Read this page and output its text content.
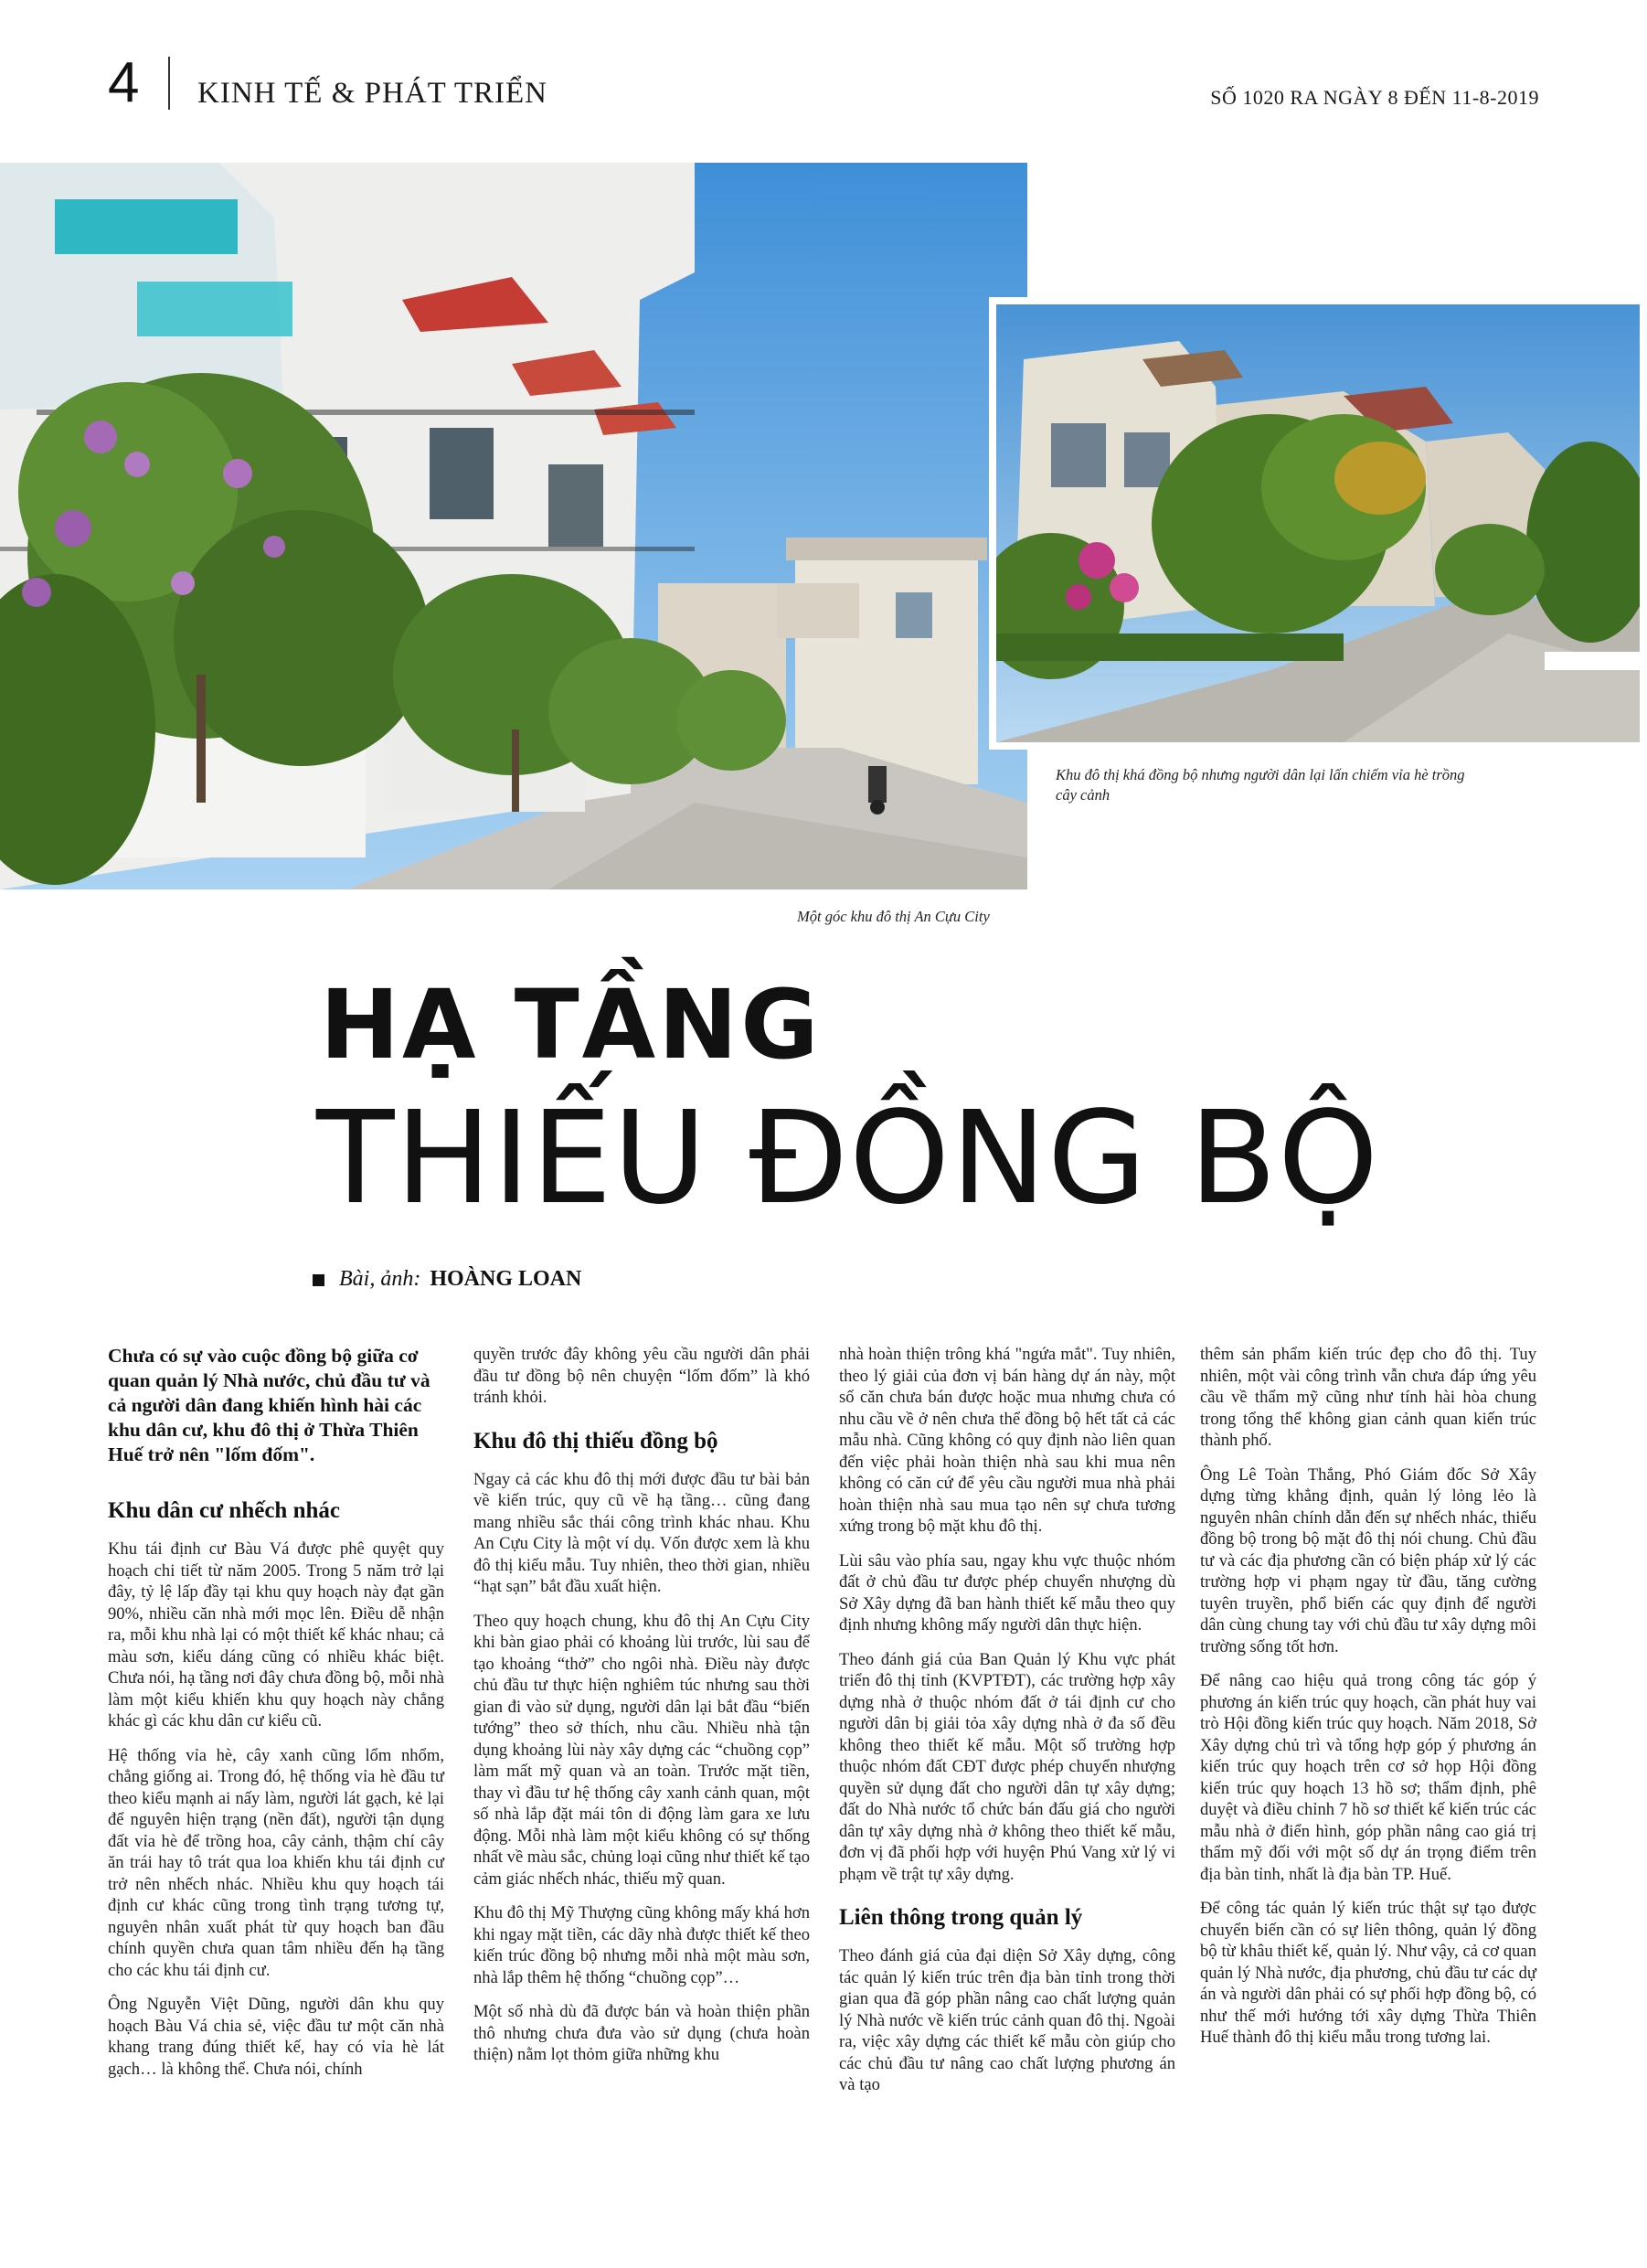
4 KINH TẾ & PHÁT TRIỂN	SỐ 1020 RA NGÀY 8 ĐẾN 11-8-2019
Khu đô thị khá đồng bộ nhưng người dân lại lấn chiếm vỉa hè trồng cây cảnh
Một góc khu đô thị An Cựu City
HẠ TẦNG
THIẾU ĐỒNG BỘ
Bài, ảnh: HOÀNG LOAN

Chưa có sự vào cuộc đồng bộ giữa cơ quan quản lý Nhà nước, chủ đầu tư và cả người dân đang khiến hình hài các khu dân cư, khu đô thị ở Thừa Thiên Huế trở nên "lốm đốm".

Khu dân cư nhếch nhác

Khu tái định cư Bàu Vá được phê quyệt quy hoạch chi tiết từ năm 2005. Trong 5 năm trở lại đây, tỷ lệ lấp đầy tại khu quy hoạch này đạt gần 90%, nhiều căn nhà mới mọc lên. Điều dễ nhận ra, mỗi khu nhà lại có một thiết kế khác nhau; cả màu sơn, kiểu dáng cũng có nhiều khác biệt. Chưa nói, hạ tầng nơi đây chưa đồng bộ, mỗi nhà làm một kiểu khiến khu quy hoạch này chẳng khác gì các khu dân cư kiểu cũ.

Hệ thống vỉa hè, cây xanh cũng lổm nhổm, chẳng giống ai. Trong đó, hệ thống vỉa hè đầu tư theo kiểu mạnh ai nấy làm, người lát gạch, kẻ lại để nguyên hiện trạng (nền đất), người tận dụng đất vỉa hè để trồng hoa, cây cảnh, thậm chí cây ăn trái hay tô trát qua loa khiến khu tái định cư trở nên nhếch nhác. Nhiều khu quy hoạch tái định cư khác cũng trong tình trạng tương tự, nguyên nhân xuất phát từ quy hoạch ban đầu chính quyền chưa quan tâm nhiều đến hạ tầng cho các khu tái định cư.

Ông Nguyễn Việt Dũng, người dân khu quy hoạch Bàu Vá chia sẻ, việc đầu tư một căn nhà khang trang đúng thiết kế, hay có vỉa hè lát gạch… là không thể. Chưa nói, chính

quyền trước đây không yêu cầu người dân phải đầu tư đồng bộ nên chuyện “lốm đốm” là khó tránh khỏi.

Khu đô thị thiếu đồng bộ

Ngay cả các khu đô thị mới được đầu tư bài bản về kiến trúc, quy cũ về hạ tầng… cũng đang mang nhiều sắc thái công trình khác nhau. Khu An Cựu City là một ví dụ. Vốn được xem là khu đô thị kiểu mẫu. Tuy nhiên, theo thời gian, nhiều “hạt sạn” bắt đầu xuất hiện.

Theo quy hoạch chung, khu đô thị An Cựu City khi bàn giao phải có khoảng lùi trước, lùi sau để tạo khoảng “thở” cho ngôi nhà. Điều này được chủ đầu tư thực hiện nghiêm túc nhưng sau thời gian đi vào sử dụng, người dân lại bắt đầu “biến tướng” theo sở thích, nhu cầu. Nhiều nhà tận dụng khoảng lùi này xây dựng các “chuồng cọp” làm mất mỹ quan và an toàn. Trước mặt tiền, thay vì đầu tư hệ thống cây xanh cảnh quan, một số nhà lắp đặt mái tôn di động làm gara xe lưu động. Mỗi nhà làm một kiểu không có sự thống nhất về màu sắc, chủng loại cũng như thiết kế tạo cảm giác nhếch nhác, thiếu mỹ quan.

Khu đô thị Mỹ Thượng cũng không mấy khá hơn khi ngay mặt tiền, các dãy nhà được thiết kế theo kiến trúc đồng bộ nhưng mỗi nhà một màu sơn, nhà lắp thêm hệ thống “chuồng cọp”…

Một số nhà dù đã được bán và hoàn thiện phần thô nhưng chưa đưa vào sử dụng (chưa hoàn thiện) nằm lọt thỏm giữa những khu

nhà hoàn thiện trông khá "ngứa mắt". Tuy nhiên, theo lý giải của đơn vị bán hàng dự án này, một số căn chưa bán được hoặc mua nhưng chưa có nhu cầu về ở nên chưa thể đồng bộ hết tất cả các mẫu nhà. Cũng không có quy định nào liên quan đến việc phải hoàn thiện nhà sau khi mua nên không có căn cứ để yêu cầu người mua nhà phải hoàn thiện nhà sau mua tạo nên sự chưa tương xứng trong bộ mặt khu đô thị.

Lùi sâu vào phía sau, ngay khu vực thuộc nhóm đất ở chủ đầu tư được phép chuyển nhượng dù Sở Xây dựng đã ban hành thiết kế mẫu theo quy định nhưng không mấy người dân thực hiện.

Theo đánh giá của Ban Quản lý Khu vực phát triển đô thị tỉnh (KVPTĐT), các trường hợp xây dựng nhà ở thuộc nhóm đất ở tái định cư cho người dân bị giải tỏa xây dựng nhà ở đa số đều không theo thiết kế mẫu. Một số trường hợp thuộc nhóm đất CĐT được phép chuyển nhượng quyền sử dụng đất cho người dân tự xây dựng; đất do Nhà nước tổ chức bán đấu giá cho người dân tự xây dựng nhà ở không theo thiết kế mẫu, đơn vị đã phối hợp với huyện Phú Vang xử lý vi phạm về trật tự xây dựng.

Liên thông trong quản lý

Theo đánh giá của đại diện Sở Xây dựng, công tác quản lý kiến trúc trên địa bàn tỉnh trong thời gian qua đã góp phần nâng cao chất lượng quản lý Nhà nước về kiến trúc cảnh quan đô thị. Ngoài ra, việc xây dựng các thiết kế mẫu còn giúp cho các chủ đầu tư nâng cao chất lượng phương án và tạo

thêm sản phẩm kiến trúc đẹp cho đô thị. Tuy nhiên, một vài công trình vẫn chưa đáp ứng yêu cầu về thẩm mỹ cũng như tính hài hòa chung trong tổng thể không gian cảnh quan kiến trúc thành phố.

Ông Lê Toàn Thắng, Phó Giám đốc Sở Xây dựng từng khẳng định, quản lý lỏng lẻo là nguyên nhân chính dẫn đến sự nhếch nhác, thiếu đồng bộ trong bộ mặt đô thị nói chung. Chủ đầu tư và các địa phương cần có biện pháp xử lý các trường hợp vi phạm ngay từ đầu, tăng cường tuyên truyền, phổ biến các quy định để người dân cùng chung tay với chủ đầu tư xây dựng môi trường sống tốt hơn.

Để nâng cao hiệu quả trong công tác góp ý phương án kiến trúc quy hoạch, cần phát huy vai trò Hội đồng kiến trúc quy hoạch. Năm 2018, Sở Xây dựng chủ trì và tổng hợp góp ý phương án kiến trúc quy hoạch trên cơ sở họp Hội đồng kiến trúc quy hoạch 13 hồ sơ; thẩm định, phê duyệt và điều chỉnh 7 hồ sơ thiết kế kiến trúc các mẫu nhà ở điển hình, góp phần nâng cao giá trị thẩm mỹ đối với một số dự án trọng điểm trên địa bàn tỉnh, nhất là địa bàn TP. Huế.

Để công tác quản lý kiến trúc thật sự tạo được chuyển biến cần có sự liên thông, quản lý đồng bộ từ khâu thiết kế, quản lý. Như vậy, cả cơ quan quản lý Nhà nước, địa phương, chủ đầu tư các dự án và người dân phải có sự phối hợp đồng bộ, có như thế mới hướng tới xây dựng Thừa Thiên Huế thành đô thị kiểu mẫu trong tương lai.
